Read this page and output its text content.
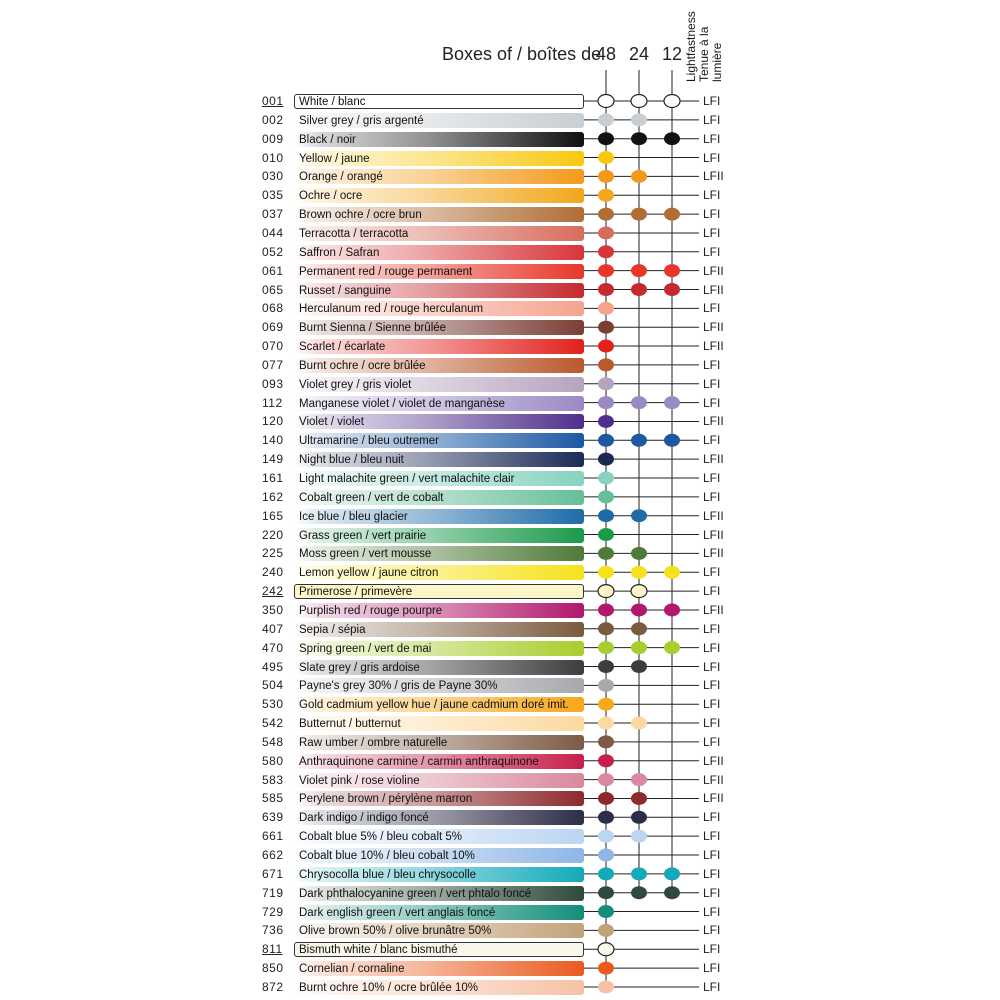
Boxes of / boîtes de
48 24 12 Lightfastness Tenue à la lumière
001 White / blanc	LFI
002 Silver grey / gris argenté	LFI
009 Black / noir	LFI
010 Yellow / jaune	LFI
030 Orange / orangé	LFII
035 Ochre / ocre	LFI
037 Brown ochre / ocre brun	LFI
044 Terracotta / terracotta	LFI
052 Saffron / Safran	LFI
061 Permanent red / rouge permanent	LFII
065 Russet / sanguine	LFII
068 Herculanum red / rouge herculanum	LFI
069 Burnt Sienna / Sienne brûlée	LFII
070 Scarlet / écarlate	LFII
077 Burnt ochre / ocre brûlée	LFI
093 Violet grey / gris violet	LFI
112 Manganese violet / violet de manganèse	LFI
120 Violet / violet	LFII
140 Ultramarine / bleu outremer	LFI
149 Night blue / bleu nuit	LFII
161 Light malachite green / vert malachite clair	LFI
162 Cobalt green / vert de cobalt	LFI
165 Ice blue / bleu glacier	LFII
220 Grass green / vert prairie	LFII
225 Moss green / vert mousse	LFII
240 Lemon yellow / jaune citron	LFI
242 Primerose / primevère	LFI
350 Purplish red / rouge pourpre	LFII
407 Sepia / sépia	LFI
470 Spring green / vert de mai	LFI
495 Slate grey / gris ardoise	LFI
504 Payne's grey 30% / gris de Payne 30%	LFI
530 Gold cadmium yellow hue / jaune cadmium doré imit.	LFI
542 Butternut / butternut	LFI
548 Raw umber / ombre naturelle	LFI
580 Anthraquinone carmine / carmin anthraquinone	LFII
583 Violet pink / rose violine	LFII
585 Perylene brown / pérylène marron	LFII
639 Dark indigo / indigo foncé	LFI
661 Cobalt blue 5% / bleu cobalt 5%	LFI
662 Cobalt blue 10% / bleu cobalt 10%	LFI
671 Chrysocolla blue / bleu chrysocolle	LFI
719 Dark phthalocyanine green / vert phtalo foncé	LFI
729 Dark english green / vert anglais foncé	LFI
736 Olive brown 50% / olive brunâtre 50%	LFI
811 Bismuth white / blanc bismuthé	LFI
850 Cornelian / cornaline	LFI
872 Burnt ochre 10% / ocre brûlée 10%	LFI
